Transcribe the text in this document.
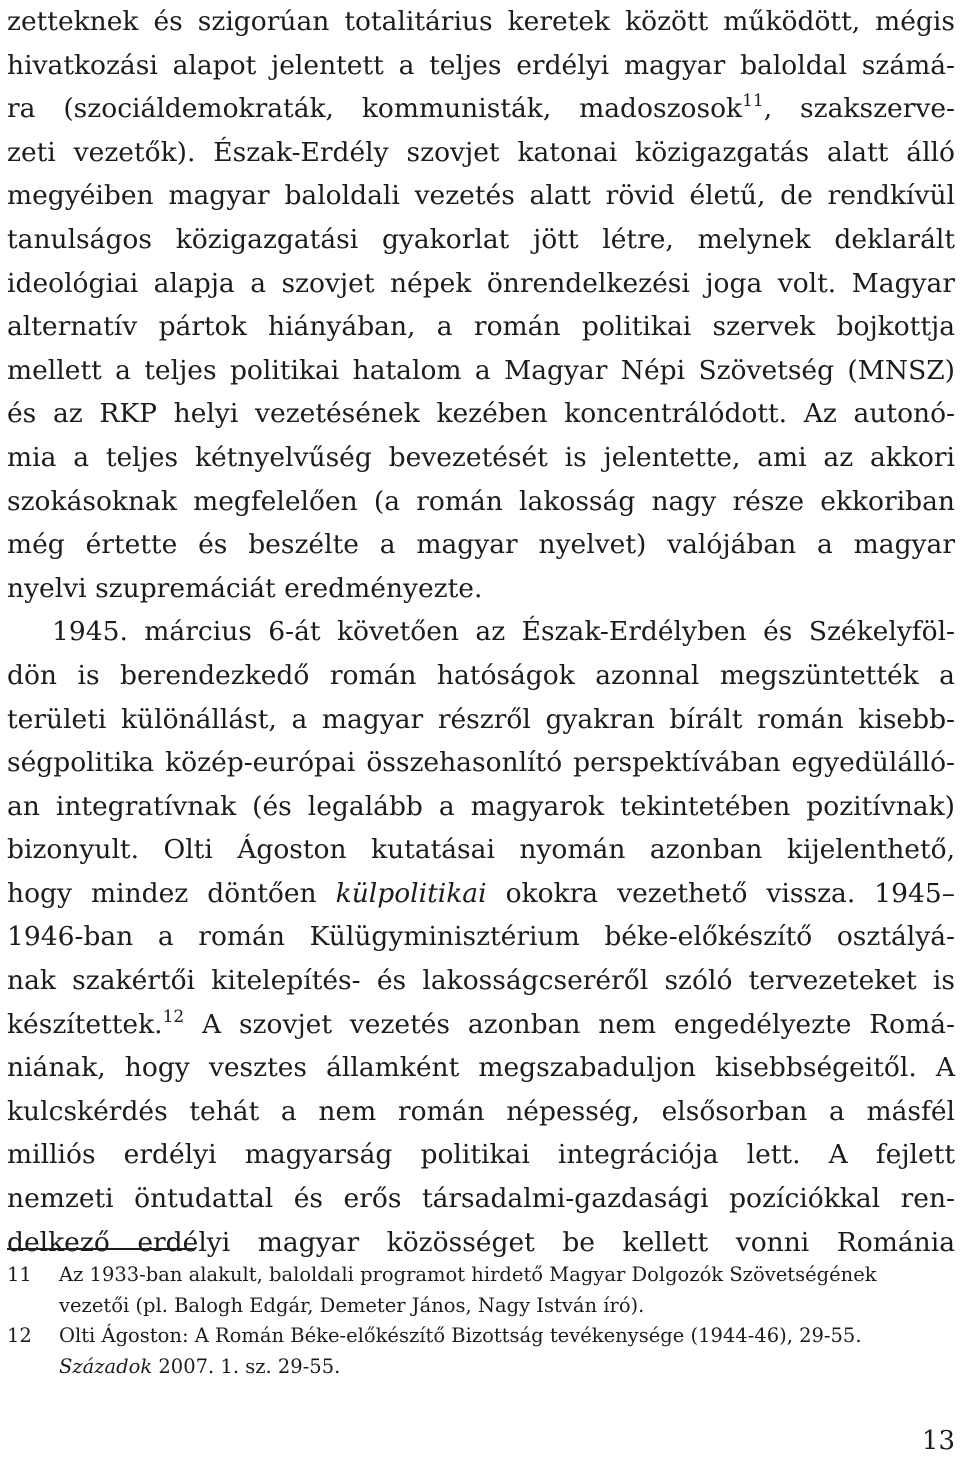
zetteknek és szigorúan totalitárius keretek között működött, mégis
hivatkozási alapot jelentett a teljes erdélyi magyar baloldal számá-
ra (szociáldemokraták, kommunisták, madoszosok$^{11}$, szakszerve-
zeti vezetők). Észak-Erdély szovjet katonai közigazgatás alatt álló
megyéiben magyar baloldali vezetés alatt rövid életű, de rendkívül
tanulságos közigazgatási gyakorlat jött létre, melynek deklarált
ideológiai alapja a szovjet népek önrendelkezési joga volt. Magyar
alternatív pártok hiányában, a román politikai szervek bojkottja
mellett a teljes politikai hatalom a Magyar Népi Szövetség (MNSZ)
és az RKP helyi vezetésének kezében koncentrálódott. Az autonó-
mia a teljes kétnyelvűség bevezetését is jelentette, ami az akkori
szokásoknak megfelelően (a román lakosság nagy része ekkoriban
még értette és beszélte a magyar nyelvet) valójában a magyar
nyelvi szupremáciát eredményezte.
1945. március 6-át követően az Észak-Erdélyben és Székelyföl-
dön is berendezkedő román hatóságok azonnal megszüntették a
területi különállást, a magyar részről gyakran bírált román kisebb-
ségpolitika közép-európai összehasonlító perspektívában egyedülálló-
an integratívnak (és legalább a magyarok tekintetében pozitívnak)
bizonyult. Olti Ágoston kutatásai nyomán azonban kijelenthető,
hogy mindez döntően külpolitikai okokra vezethető vissza. 1945–
1946-ban a román Külügyminisztérium béke-előkészítő osztályá-
nak szakértői kitelepítés- és lakosságcseréről szóló tervezeteket is
készítettek.$^{12}$ A szovjet vezetés azonban nem engedélyezte Romá-
niának, hogy vesztes államként megszabaduljon kisebbségeitől. A
kulcskérdés tehát a nem román népesség, elsősorban a másfél
milliós erdélyi magyarság politikai integrációja lett. A fejlett
nemzeti öntudattal és erős társadalmi-gazdasági pozíciókkal ren-
delkező erdélyi magyar közösséget be kellett vonni Románia
11 Az 1933-ban alakult, baloldali programot hirdető Magyar Dolgozók Szövetségének
vezetői (pl. Balogh Edgár, Demeter János, Nagy István író).
12 Olti Ágoston: A Román Béke-előkészítő Bizottság tevékenysége (1944-46), 29-55.
Századok 2007. 1. sz. 29-55.
13
